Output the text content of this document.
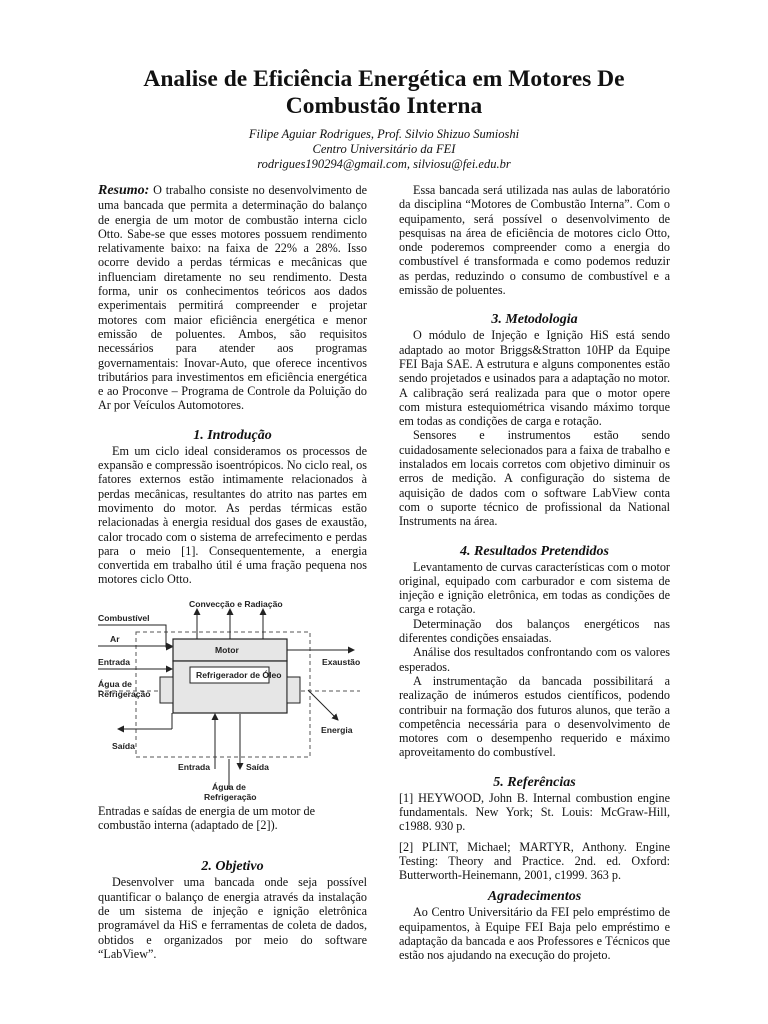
Analise de Eficiência Energética em Motores De Combustão Interna
Filipe Aguiar Rodrigues, Prof. Silvio Shizuo Sumioshi
Centro Universitário da FEI
rodrigues190294@gmail.com, silviosu@fei.edu.br

Resumo: O trabalho consiste no desenvolvimento de uma bancada que permita a determinação do balanço de energia de um motor de combustão interna ciclo Otto. Sabe-se que esses motores possuem rendimento relativamente baixo: na faixa de 22% a 28%. Isso ocorre devido a perdas térmicas e mecânicas que influenciam diretamente no seu rendimento. Desta forma, unir os conhecimentos teóricos aos dados experimentais permitirá compreender e projetar motores com maior eficiência energética e menor emissão de poluentes. Ambos, são requisitos necessários para atender aos programas governamentais: Inovar-Auto, que oferece incentivos tributários para investimentos em eficiência energética e ao Proconve – Programa de Controle da Poluição do Ar por Veículos Automotores.

1. Introdução

Em um ciclo ideal consideramos os processos de expansão e compressão isoentrópicos. No ciclo real, os fatores externos estão intimamente relacionados à perdas mecânicas, resultantes do atrito nas partes em movimento do motor. As perdas térmicas estão relacionadas à energia residual dos gases de exaustão, calor trocado com o sistema de arrefecimento e perdas para o meio [1]. Consequentemente, a energia convertida em trabalho útil é uma fração pequena nos motores ciclo Otto.

Convecção e Radiação
Combustível
Ar
Entrada
Água de
Refrigeração
Saída
Motor
Refrigerador de Óleo
Exaustão
Energia
Entrada	Saída
Água de
Refrigeração

Entradas e saídas de energia de um motor de combustão interna (adaptado de [2]).

2. Objetivo

Desenvolver uma bancada onde seja possível quantificar o balanço de energia através da instalação de um sistema de injeção e ignição eletrônica programável da HiS e ferramentas de coleta de dados, obtidos e organizados por meio do software “LabView”.

Essa bancada será utilizada nas aulas de laboratório da disciplina “Motores de Combustão Interna”. Com o equipamento, será possível o desenvolvimento de pesquisas na área de eficiência de motores ciclo Otto, onde poderemos compreender como a energia do combustível é transformada e como podemos reduzir as perdas, reduzindo o consumo de combustível e a emissão de poluentes.

3. Metodologia

O módulo de Injeção e Ignição HiS está sendo adaptado ao motor Briggs&Stratton 10HP da Equipe FEI Baja SAE. A estrutura e alguns componentes estão sendo projetados e usinados para a adaptação no motor. A calibração será realizada para que o motor opere com mistura estequiométrica visando máximo torque em todas as condições de carga e rotação.

Sensores e instrumentos estão sendo cuidadosamente selecionados para a faixa de trabalho e instalados em locais corretos com objetivo diminuir os erros de medição. A configuração do sistema de aquisição de dados com o software LabView conta com o suporte técnico de profissional da National Instruments na área.

4. Resultados Pretendidos

Levantamento de curvas características com o motor original, equipado com carburador e com sistema de injeção e ignição eletrônica, em todas as condições de carga e rotação.

Determinação dos balanços energéticos nas diferentes condições ensaiadas.

Análise dos resultados confrontando com os valores esperados.

A instrumentação da bancada possibilitará a realização de inúmeros estudos científicos, podendo contribuir na formação dos futuros alunos, que terão a competência necessária para o desenvolvimento de motores com o desempenho requerido e máximo aproveitamento do combustível.

5. Referências

[1] HEYWOOD, John B. Internal combustion engine fundamentals. New York; St. Louis: McGraw-Hill, c1988. 930 p.

[2] PLINT, Michael; MARTYR, Anthony. Engine Testing: Theory and Practice. 2nd. ed. Oxford: Butterworth-Heinemann, 2001, c1999. 363 p.

Agradecimentos

Ao Centro Universitário da FEI pelo empréstimo de equipamentos, à Equipe FEI Baja pelo empréstimo e adaptação da bancada e aos Professores e Técnicos que estão nos ajudando na execução do projeto.
